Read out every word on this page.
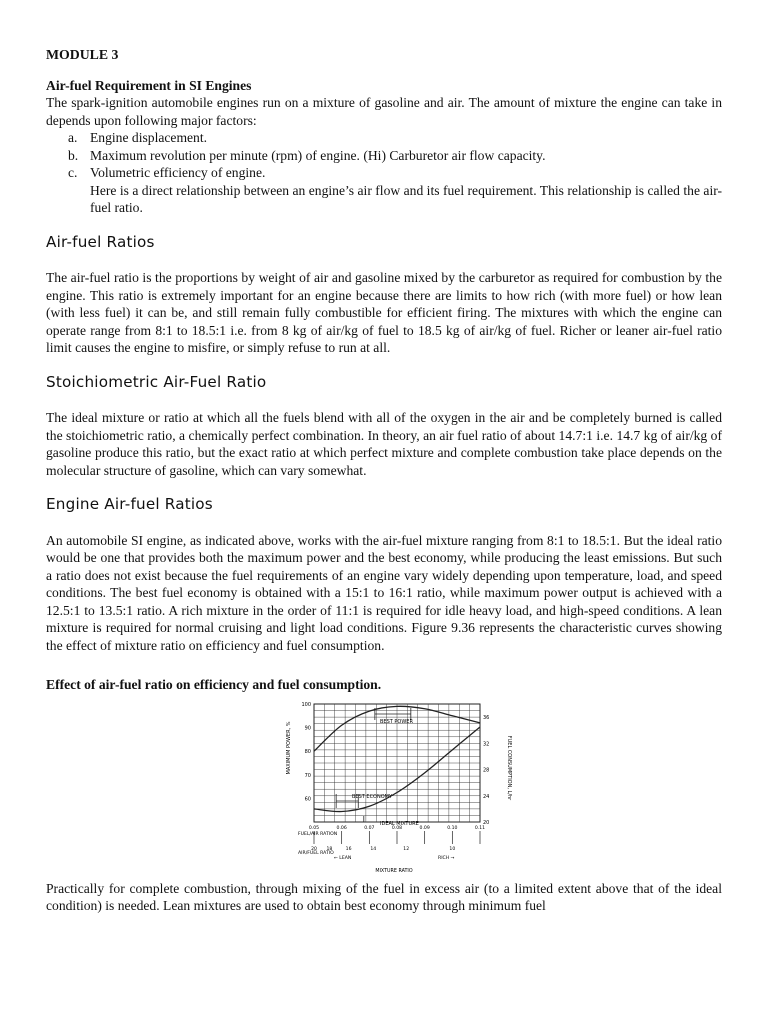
MODULE 3
Air-fuel Requirement in SI Engines

The spark-ignition automobile engines run on a mixture of gasoline and air. The amount of mixture the engine can take in depends upon following major factors:

a. Engine displacement.
b. Maximum revolution per minute (rpm) of engine. (Hi) Carburetor air flow capacity.
c. Volumetric efficiency of engine.

Here is a direct relationship between an engine’s air flow and its fuel requirement. This relationship is called the air-fuel ratio.

Air-fuel Ratios

The air-fuel ratio is the proportions by weight of air and gasoline mixed by the carburetor as required for combustion by the engine. This ratio is extremely important for an engine because there are limits to how rich (with more fuel) or how lean (with less fuel) it can be, and still remain fully combustible for efficient firing. The mixtures with which the engine can operate range from 8:1 to 18.5:1 i.e. from 8 kg of air/kg of fuel to 18.5 kg of air/kg of fuel. Richer or leaner air-fuel ratio limit causes the engine to misfire, or simply refuse to run at all.

Stoichiometric Air-Fuel Ratio

The ideal mixture or ratio at which all the fuels blend with all of the oxygen in the air and be completely burned is called the stoichiometric ratio, a chemically perfect combination. In theory, an air fuel ratio of about 14.7:1 i.e. 14.7 kg of air/kg of gasoline produce this ratio, but the exact ratio at which perfect mixture and complete combustion take place depends on the molecular structure of gasoline, which can vary somewhat.

Engine Air-fuel Ratios

An automobile SI engine, as indicated above, works with the air-fuel mixture ranging from 8:1 to 18.5:1. But the ideal ratio would be one that provides both the maximum power and the best economy, while producing the least emissions. But such a ratio does not exist because the fuel requirements of an engine vary widely depending upon temperature, load, and speed conditions. The best fuel economy is obtained with a 15:1 to 16:1 ratio, while maximum power output is achieved with a 12.5:1 to 13.5:1 ratio. A rich mixture in the order of 11:1 is required for idle heavy load, and high-speed conditions. A lean mixture is required for normal cruising and light load conditions. Figure 9.36 represents the characteristic curves showing the effect of mixture ratio on efficiency and fuel consumption.

Effect of air-fuel ratio on efficiency and fuel consumption.
100
90
80
70
60
36
32
28
24
20
0.05	0.06	0.07	0.08	0.09	0.10	0.11
20 18	16	14	12	10
MAXIMUM POWER, %	FUEL CONSUMPTION, L/hr
BEST POWER
BEST ECONOMY
IDEAL MIXTURE
FUEL/AIR RATION
AIR/FUEL RATIO
← LEAN	RICH →
MIXTURE RATIO

Practically for complete combustion, through mixing of the fuel in excess air (to a limited extent above that of the ideal condition) is needed. Lean mixtures are used to obtain best economy through minimum fuel
